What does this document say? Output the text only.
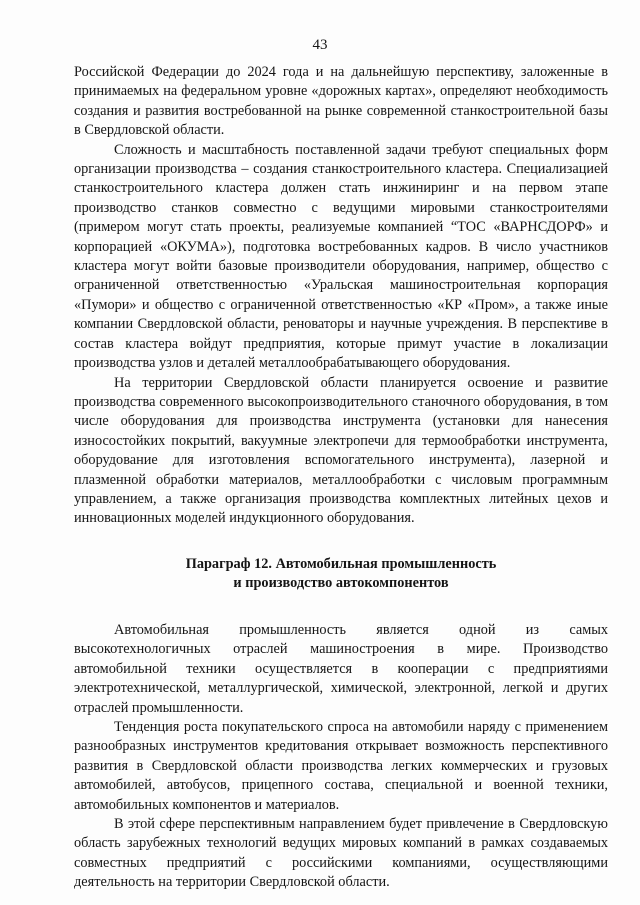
43

Российской Федерации до 2024 года и на дальнейшую перспективу, заложенные в принимаемых на федеральном уровне «дорожных картах», определяют необходимость создания и развития востребованной на рынке современной станкостроительной базы в Свердловской области.

Сложность и масштабность поставленной задачи требуют специальных форм организации производства – создания станкостроительного кластера. Специализацией станкостроительного кластера должен стать инжиниринг и на первом этапе производство станков совместно с ведущими мировыми станкостроителями (примером могут стать проекты, реализуемые компанией “ТОС «ВАРНСДОРФ» и корпорацией «ОКУМА»), подготовка востребованных кадров. В число участников кластера могут войти базовые производители оборудования, например, общество с ограниченной ответственностью «Уральская машиностроительная корпорация «Пумори» и общество с ограниченной ответственностью «КР «Пром», а также иные компании Свердловской области, реноваторы и научные учреждения. В перспективе в состав кластера войдут предприятия, которые примут участие в локализации производства узлов и деталей металлообрабатывающего оборудования.

На территории Свердловской области планируется освоение и развитие производства современного высокопроизводительного станочного оборудования, в том числе оборудования для производства инструмента (установки для нанесения износостойких покрытий, вакуумные электропечи для термообработки инструмента, оборудование для изготовления вспомогательного инструмента), лазерной и плазменной обработки материалов, металлообработки с числовым программным управлением, а также организация производства комплектных литейных цехов и инновационных моделей индукционного оборудования.

Параграф 12. Автомобильная промышленность
и производство автокомпонентов

Автомобильная промышленность является одной из самых высокотехнологичных отраслей машиностроения в мире. Производство автомобильной техники осуществляется в кооперации с предприятиями электротехнической, металлургической, химической, электронной, легкой и других отраслей промышленности.

Тенденция роста покупательского спроса на автомобили наряду с применением разнообразных инструментов кредитования открывает возможность перспективного развития в Свердловской области производства легких коммерческих и грузовых автомобилей, автобусов, прицепного состава, специальной и военной техники, автомобильных компонентов и материалов.

В этой сфере перспективным направлением будет привлечение в Свердловскую область зарубежных технологий ведущих мировых компаний в рамках создаваемых совместных предприятий с российскими компаниями, осуществляющими деятельность на территории Свердловской области.
